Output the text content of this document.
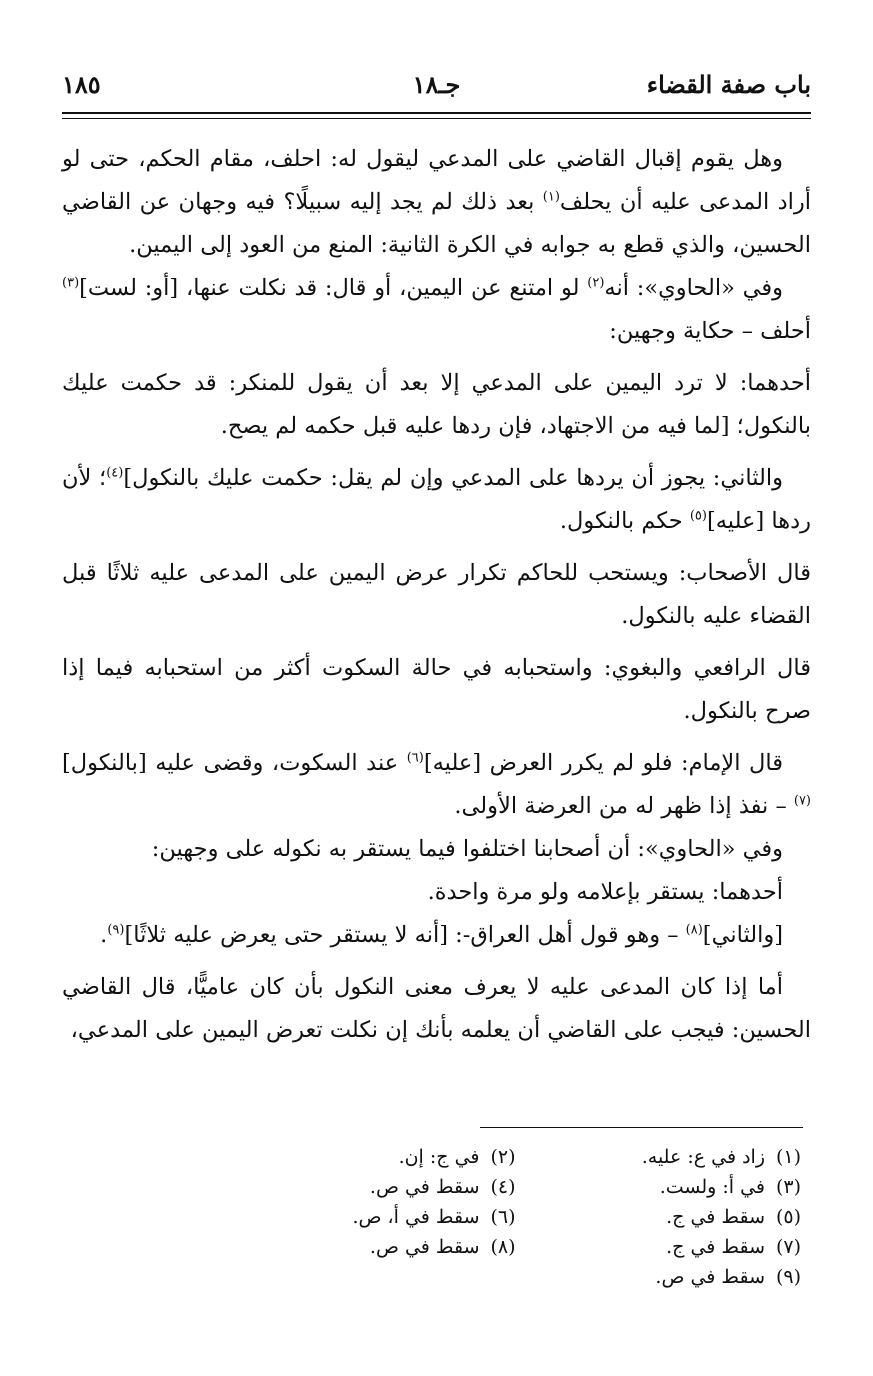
باب صفة القضاء
جـ١٨
١٨٥

وهل يقوم إقبال القاضي على المدعي ليقول له: احلف، مقام الحكم، حتى لو أراد المدعى عليه أن يحلف$^{(١)}$ بعد ذلك لم يجد إليه سبيلًا؟ فيه وجهان عن القاضي الحسين، والذي قطع به جوابه في الكرة الثانية: المنع من العود إلى اليمين.

وفي «الحاوي»: أنه$^{(٢)}$ لو امتنع عن اليمين، أو قال: قد نكلت عنها، [أو: لست]$^{(٣)}$ أحلف – حكاية وجهين:

أحدهما: لا ترد اليمين على المدعي إلا بعد أن يقول للمنكر: قد حكمت عليك بالنكول؛ [لما فيه من الاجتهاد، فإن ردها عليه قبل حكمه لم يصح.

والثاني: يجوز أن يردها على المدعي وإن لم يقل: حكمت عليك بالنكول]$^{(٤)}$؛ لأن ردها [عليه]$^{(٥)}$ حكم بالنكول.

قال الأصحاب: ويستحب للحاكم تكرار عرض اليمين على المدعى عليه ثلاثًا قبل القضاء عليه بالنكول.

قال الرافعي والبغوي: واستحبابه في حالة السكوت أكثر من استحبابه فيما إذا صرح بالنكول.

قال الإمام: فلو لم يكرر العرض [عليه]$^{(٦)}$ عند السكوت، وقضى عليه [بالنكول]$^{(٧)}$ – نفذ إذا ظهر له من العرضة الأولى.

وفي «الحاوي»: أن أصحابنا اختلفوا فيما يستقر به نكوله على وجهين:

أحدهما: يستقر بإعلامه ولو مرة واحدة.

[والثاني]$^{(٨)}$ – وهو قول أهل العراق-: [أنه لا يستقر حتى يعرض عليه ثلاثًا]$^{(٩)}$.

أما إذا كان المدعى عليه لا يعرف معنى النكول بأن كان عاميًّا، قال القاضي الحسين: فيجب على القاضي أن يعلمه بأنك إن نكلت تعرض اليمين على المدعي،

(١)زاد في ع: عليه.
(٢)في ج: إن.
(٣)في أ: ولست.
(٤)سقط في ص.
(٥)سقط في ج.
(٦)سقط في أ، ص.
(٧)سقط في ج.
(٨)سقط في ص.
(٩)سقط في ص.
